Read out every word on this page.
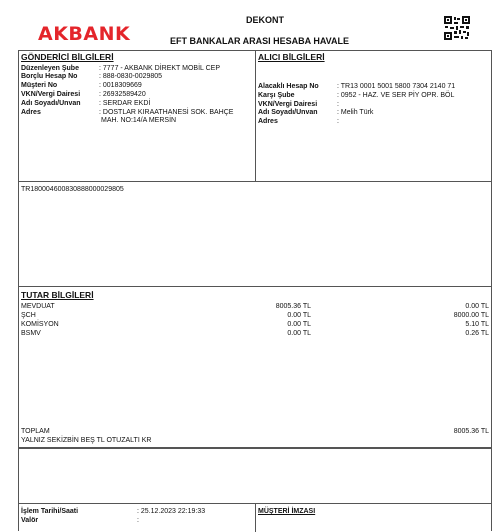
AKBANK
DEKONT
EFT BANKALAR ARASI HESABA HAVALE
GÖNDERİCİ BİLGİLERİ
Düzenleyen Şube	: 7777 - AKBANK DİREKT MOBİL CEP
Borçlu Hesap No	: 888-0830-0029805
Müşteri No	: 0018309669
VKN/Vergi Dairesi	: 26932589420
Adı Soyadı/Unvan	: SERDAR EKDİ
Adres	: DOSTLAR KIRAATHANESİ SOK. BAHÇE
MAH. NO:14/A MERSİN
ALICI BİLGİLERİ
Alacaklı Hesap No	: TR13 0001 5001 5800 7304 2140 71
Karşı Şube	: 0952 - HAZ. VE SER PİY OPR. BÖL
VKN/Vergi Dairesi	:
Adı Soyadı/Unvan	: Melih Türk
Adres	:
TR180004600830888000029805
TUTAR BİLGİLERİ
MEVDUAT	8005.36 TL	0.00 TL
ŞCH	0.00 TL	8000.00 TL
KOMİSYON	0.00 TL	5.10 TL
BSMV	0.00 TL	0.26 TL
TOPLAM	8005.36 TL
YALNIZ SEKİZBİN BEŞ TL OTUZALTI KR
İşlem Tarihi/Saati	: 25.12.2023 22:19:33
Valör	:
MÜŞTERİ İMZASI
